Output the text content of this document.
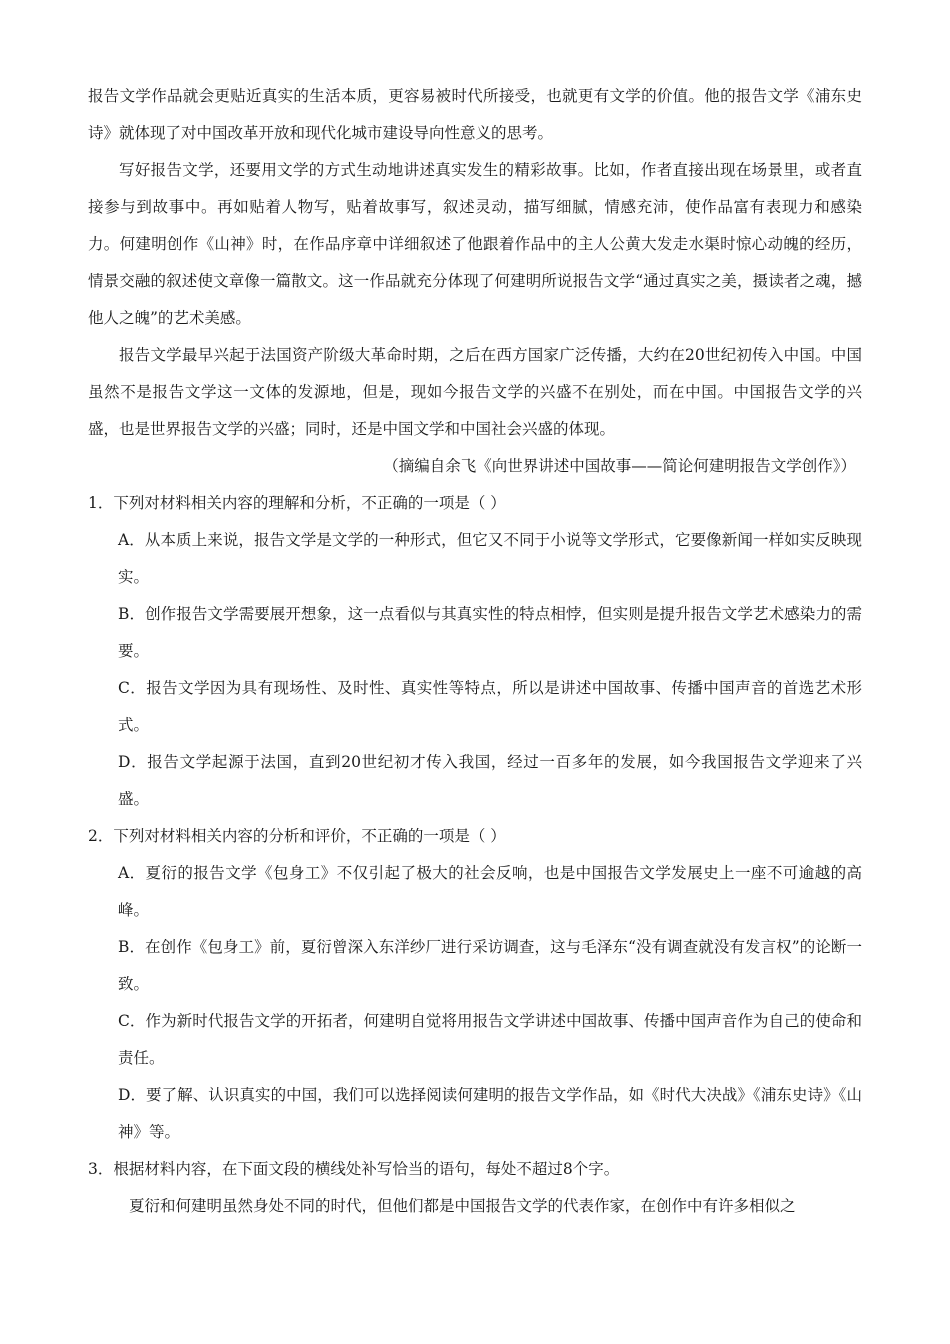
报告文学作品就会更贴近真实的生活本质，更容易被时代所接受，也就更有文学的价值。他的报告文学《浦东史诗》就体现了对中国改革开放和现代化城市建设导向性意义的思考。

写好报告文学，还要用文学的方式生动地讲述真实发生的精彩故事。比如，作者直接出现在场景里，或者直接参与到故事中。再如贴着人物写，贴着故事写，叙述灵动，描写细腻，情感充沛，使作品富有表现力和感染力。何建明创作《山神》时，在作品序章中详细叙述了他跟着作品中的主人公黄大发走水渠时惊心动魄的经历，情景交融的叙述使文章像一篇散文。这一作品就充分体现了何建明所说报告文学“通过真实之美，摄读者之魂，撼他人之魄”的艺术美感。

报告文学最早兴起于法国资产阶级大革命时期，之后在西方国家广泛传播，大约在20世纪初传入中国。中国虽然不是报告文学这一文体的发源地，但是，现如今报告文学的兴盛不在别处，而在中国。中国报告文学的兴盛，也是世界报告文学的兴盛；同时，还是中国文学和中国社会兴盛的体现。

（摘编自余飞《向世界讲述中国故事——简论何建明报告文学创作》）

1．下列对材料相关内容的理解和分析，不正确的一项是（ ）

A．从本质上来说，报告文学是文学的一种形式，但它又不同于小说等文学形式，它要像新闻一样如实反映现实。

B．创作报告文学需要展开想象，这一点看似与其真实性的特点相悖，但实则是提升报告文学艺术感染力的需要。

C．报告文学因为具有现场性、及时性、真实性等特点，所以是讲述中国故事、传播中国声音的首选艺术形式。

D．报告文学起源于法国，直到20世纪初才传入我国，经过一百多年的发展，如今我国报告文学迎来了兴盛。

2．下列对材料相关内容的分析和评价，不正确的一项是（ ）

A．夏衍的报告文学《包身工》不仅引起了极大的社会反响，也是中国报告文学发展史上一座不可逾越的高峰。

B．在创作《包身工》前，夏衍曾深入东洋纱厂进行采访调查，这与毛泽东“没有调查就没有发言权”的论断一致。

C．作为新时代报告文学的开拓者，何建明自觉将用报告文学讲述中国故事、传播中国声音作为自己的使命和责任。

D．要了解、认识真实的中国，我们可以选择阅读何建明的报告文学作品，如《时代大决战》《浦东史诗》《山神》等。

3．根据材料内容，在下面文段的横线处补写恰当的语句，每处不超过8个字。

夏衍和何建明虽然身处不同的时代，但他们都是中国报告文学的代表作家，在创作中有许多相似之
